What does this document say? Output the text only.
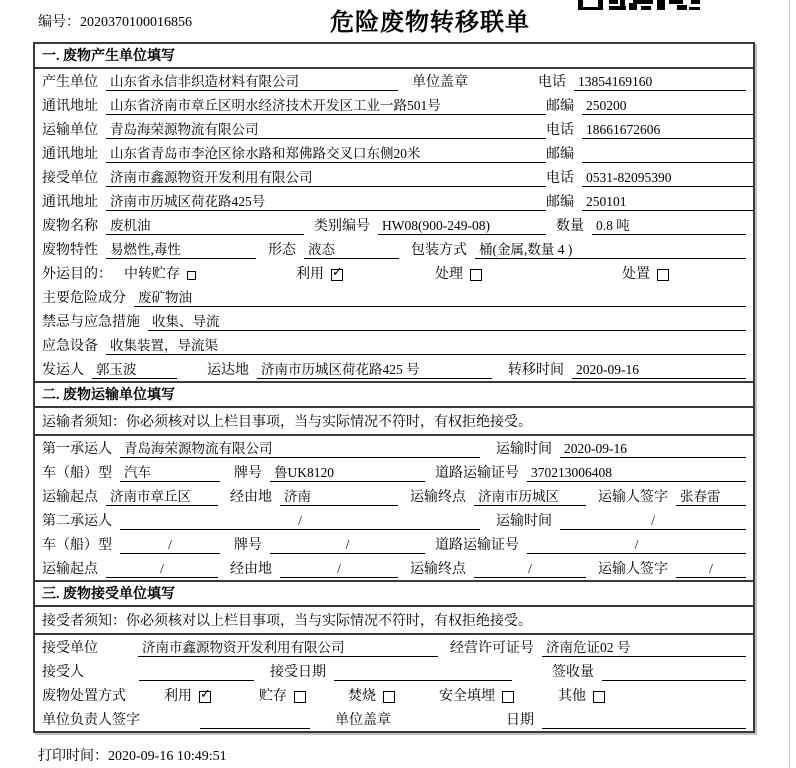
编号：2020370100016856	危险废物转移联单
一. 废物产生单位填写
产生单位 山东省永信非织造材料有限公司	单位盖章	电话 13854169160
通讯地址 山东省济南市章丘区明水经济技术开发区工业一路501号	邮编 250200
运输单位 青岛海荣源物流有限公司	电话 18661672606
通讯地址 山东省青岛市李沧区徐水路和郑佛路交叉口东侧20米	邮编
接受单位 济南市鑫源物资开发利用有限公司	电话 0531-82095390
通讯地址 济南市历城区荷花路425号	邮编 250101
废物名称 废机油	类别编号 HW08(900-249-08)	数量 0.8 吨
废物特性 易燃性,毒性	形态 液态	包装方式 桶(金属,数量 4 )
外运目的： 中转贮存	利用 ✓	处理	处置
主要危险成分 废矿物油
禁忌与应急措施 收集、导流
应急设备 收集装置，导流渠
发运人 郭玉波	运达地 济南市历城区荷花路425 号	转移时间 2020-09-16
二. 废物运输单位填写
运输者须知：你必须核对以上栏目事项，当与实际情况不符时，有权拒绝接受。
第一承运人 青岛海荣源物流有限公司	运输时间 2020-09-16
车（船）型 汽车	牌号 鲁UK8120	道路运输证号 370213006408
运输起点 济南市章丘区	经由地 济南	运输终点 济南市历城区	运输人签字 张春雷
第二承运人	/	运输时间	/
车（船）型	/	牌号	/	道路运输证号	/
运输起点	/	经由地	/	运输终点	/	运输人签字	/
三. 废物接受单位填写
接受者须知：你必须核对以上栏目事项，当与实际情况不符时，有权拒绝接受。
接受单位	济南市鑫源物资开发利用有限公司	经营许可证号 济南危证02 号
接受人	接受日期	签收量
废物处置方式	利用 ✓	贮存	焚烧	安全填埋	其他
单位负责人签字	单位盖章	日期
打印时间：2020-09-16 10:49:51
